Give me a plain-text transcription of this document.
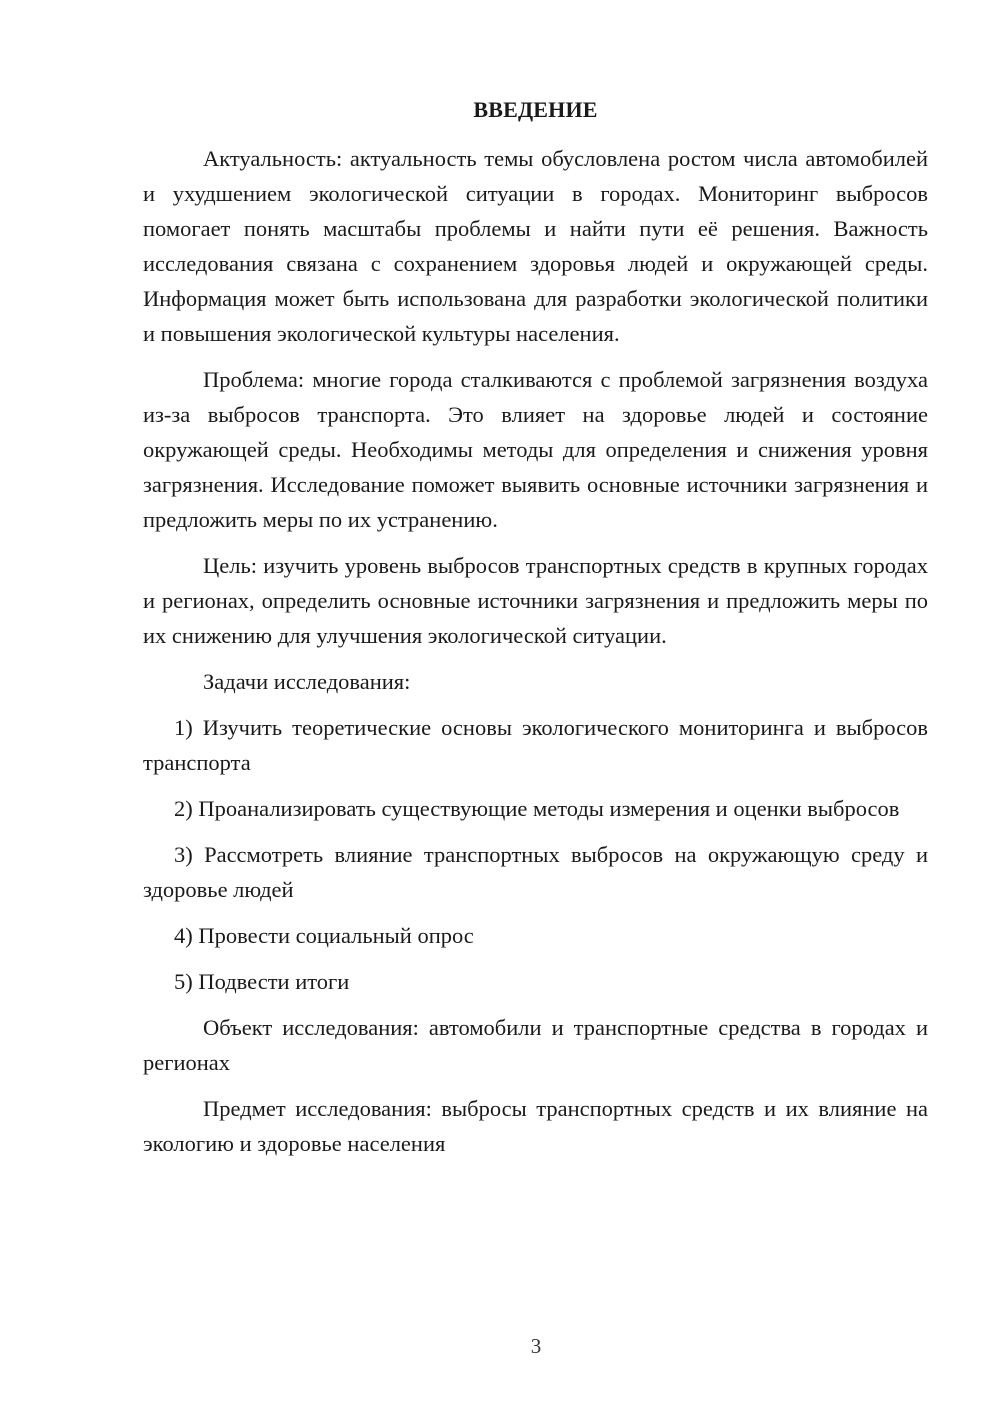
ВВЕДЕНИЕ

Актуальность: актуальность темы обусловлена ростом числа автомобилей и ухудшением экологической ситуации в городах. Мониторинг выбросов помогает понять масштабы проблемы и найти пути её решения. Важность исследования связана с сохранением здоровья людей и окружающей среды. Информация может быть использована для разработки экологической политики и повышения экологической культуры населения.

Проблема: многие города сталкиваются с проблемой загрязнения воздуха из-за выбросов транспорта. Это влияет на здоровье людей и состояние окружающей среды. Необходимы методы для определения и снижения уровня загрязнения. Исследование поможет выявить основные источники загрязнения и предложить меры по их устранению.

Цель: изучить уровень выбросов транспортных средств в крупных городах и регионах, определить основные источники загрязнения и предложить меры по их снижению для улучшения экологической ситуации.

Задачи исследования:

1) Изучить теоретические основы экологического мониторинга и выбросов транспорта

2) Проанализировать существующие методы измерения и оценки выбросов

3) Рассмотреть влияние транспортных выбросов на окружающую среду и здоровье людей

4) Провести социальный опрос

5) Подвести итоги

Объект исследования: автомобили и транспортные средства в городах и регионах

Предмет исследования: выбросы транспортных средств и их влияние на экологию и здоровье населения

3
